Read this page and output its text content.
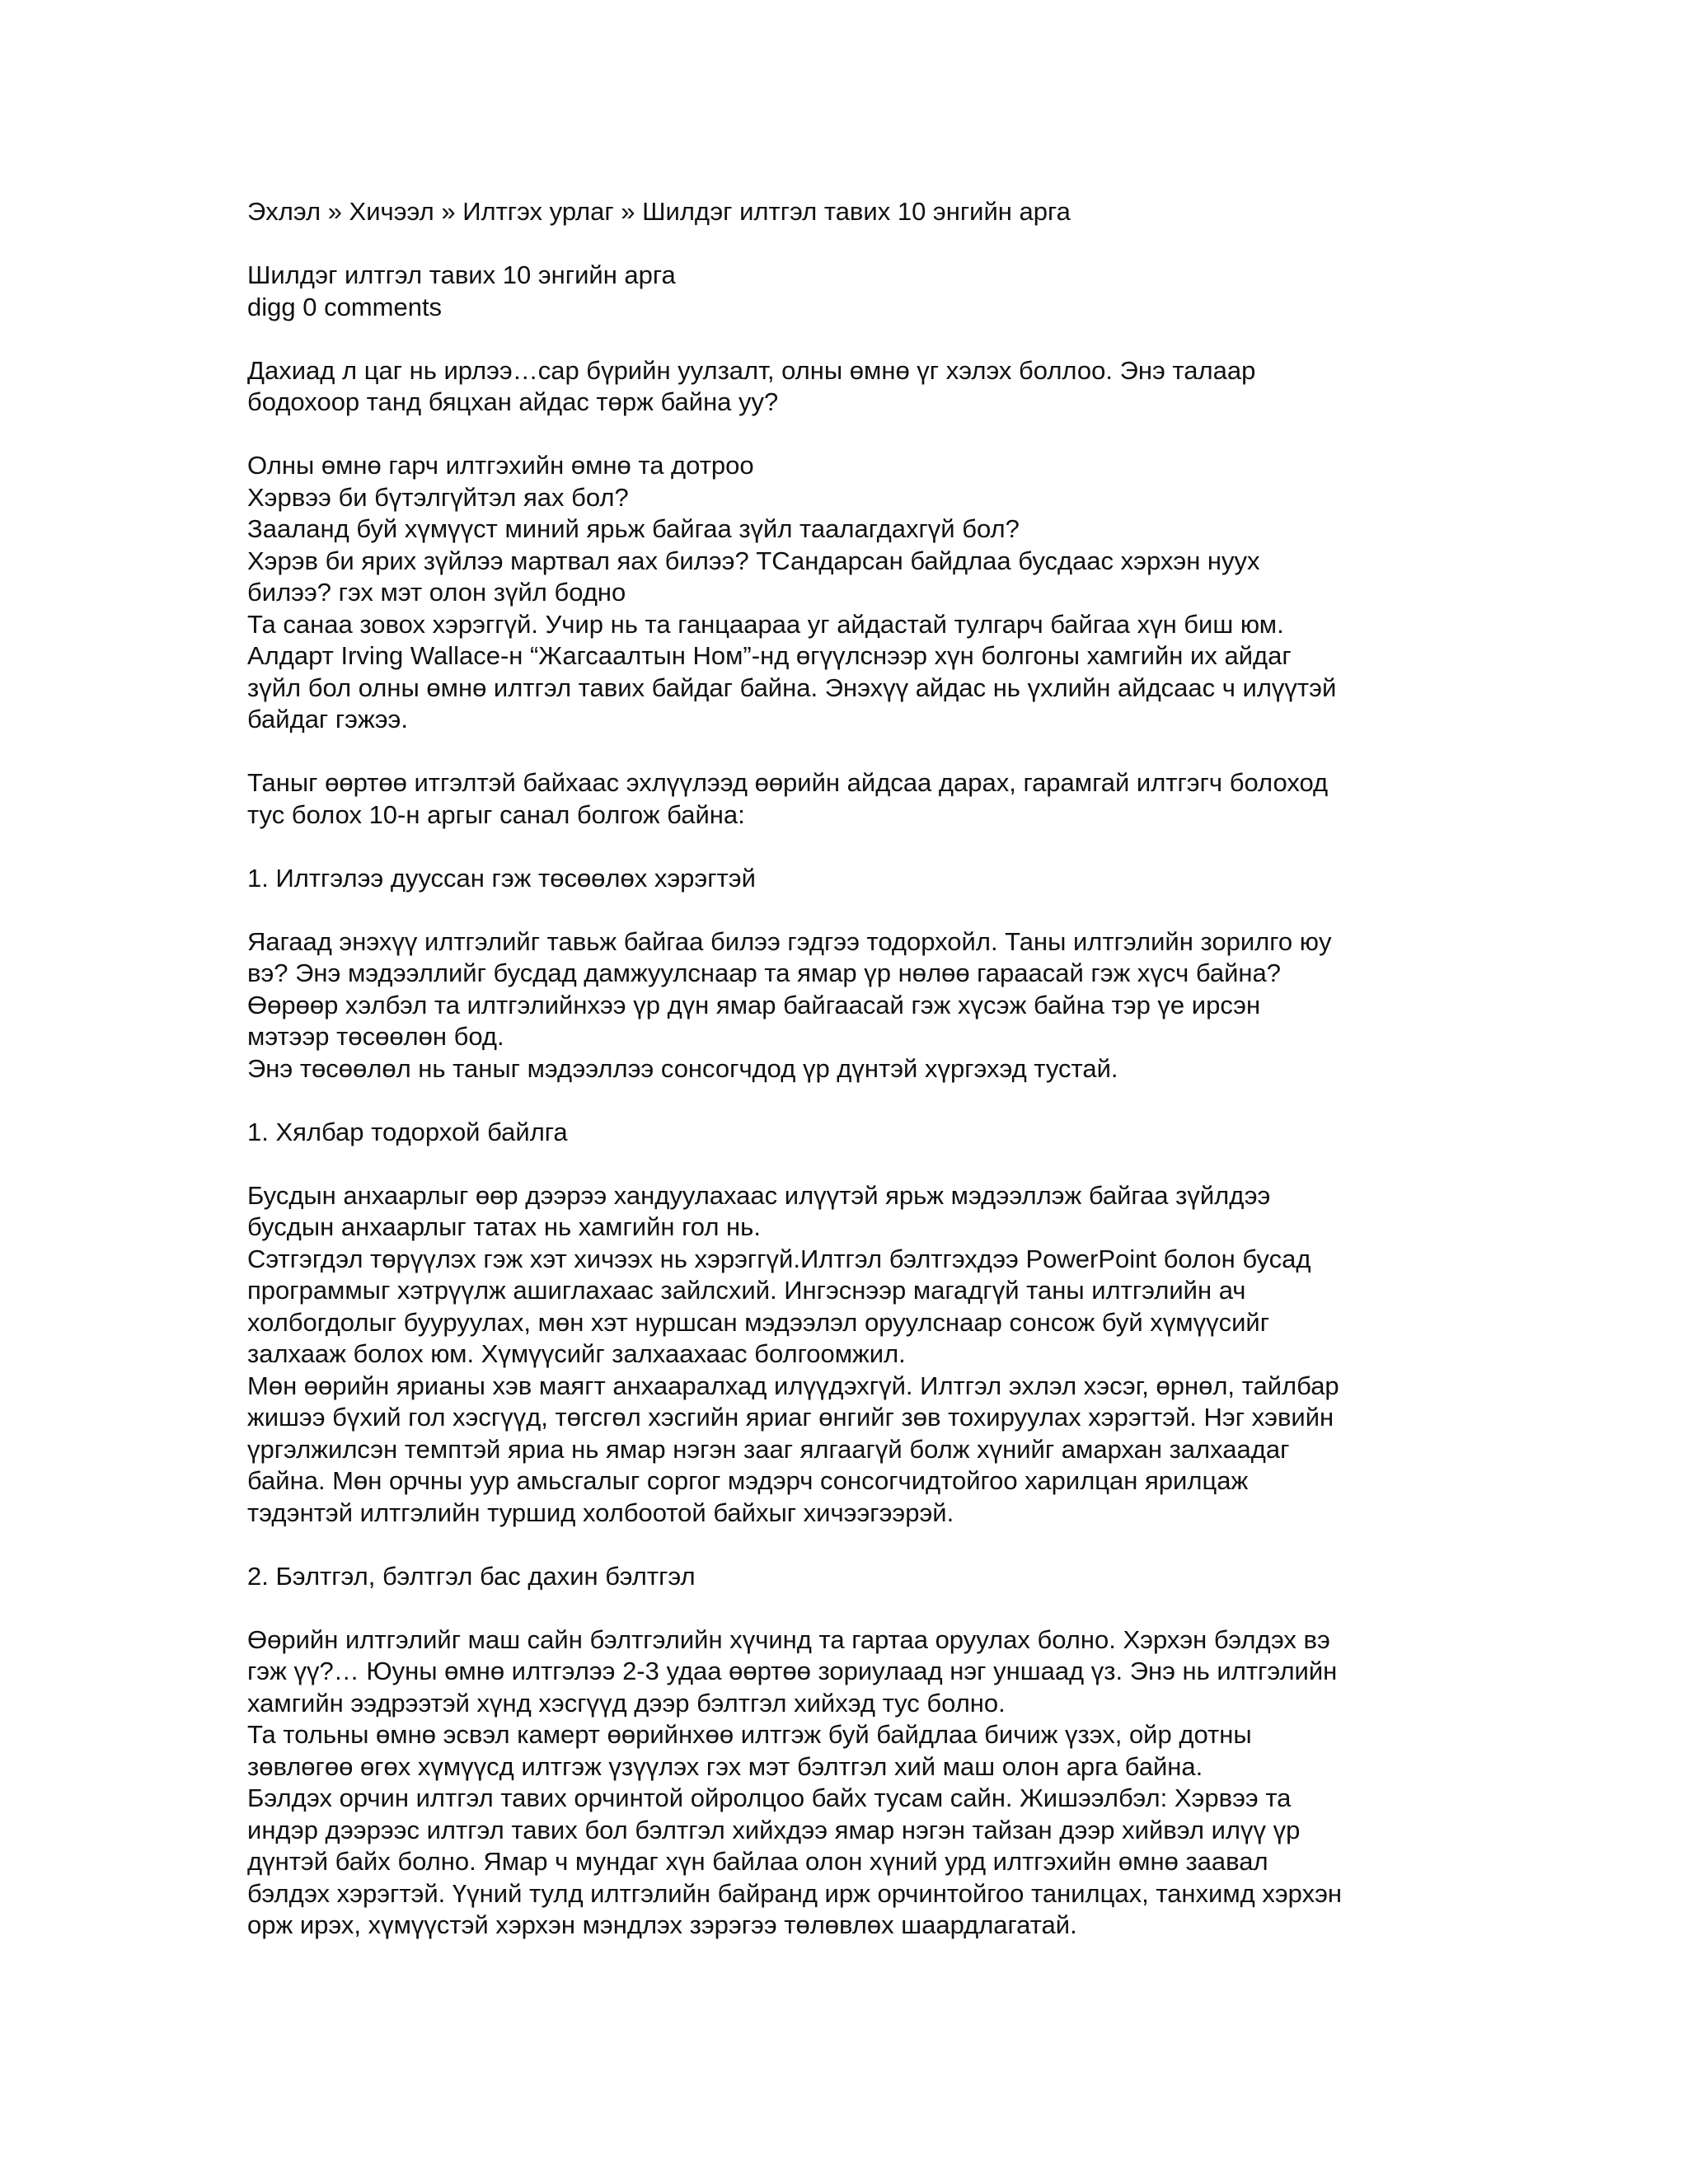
Эхлэл » Хичээл » Илтгэх урлаг » Шилдэг илтгэл тавих 10 энгийн арга
Шилдэг илтгэл тавих 10 энгийн арга
digg 0 comments
Дахиад л цаг нь ирлээ…сар бүрийн уулзалт, олны өмнө үг хэлэх боллоо. Энэ талаар
бодохоор танд бяцхан айдас төрж байна уу?
Олны өмнө гарч илтгэхийн өмнө та дотроо
Хэрвээ би бүтэлгүйтэл яах бол?
Зааланд буй хүмүүст миний ярьж байгаа зүйл таалагдахгүй бол?
Хэрэв би ярих зүйлээ мартвал яах билээ? ТСандарсан байдлаа бусдаас хэрхэн нуух
билээ? гэх мэт олон зүйл бодно
Та санаа зовох хэрэггүй. Учир нь та ганцаараа уг айдастай тулгарч байгаа хүн биш юм.
Алдарт Irving Wallace-н “Жагсаалтын Ном”-нд өгүүлснээр хүн болгоны хамгийн их айдаг
зүйл бол олны өмнө илтгэл тавих байдаг байна. Энэхүү айдас нь үхлийн айдсаас ч илүүтэй
байдаг гэжээ.
Таныг өөртөө итгэлтэй байхаас эхлүүлээд өөрийн айдсаа дарах, гарамгай илтгэгч болоход
тус болох 10-н аргыг санал болгож байна:
1. Илтгэлээ дууссан гэж төсөөлөх хэрэгтэй
Яагаад энэхүү илтгэлийг тавьж байгаа билээ гэдгээ тодорхойл. Таны илтгэлийн зорилго юу
вэ? Энэ мэдээллийг бусдад дамжуулснаар та ямар үр нөлөө гараасай гэж хүсч байна?
Өөрөөр хэлбэл та илтгэлийнхээ үр дүн ямар байгаасай гэж хүсэж байна тэр үе ирсэн
мэтээр төсөөлөн бод.
Энэ төсөөлөл нь таныг мэдээллээ сонсогчдод үр дүнтэй хүргэхэд тустай.
1. Хялбар тодорхой байлга
Бусдын анхаарлыг өөр дээрээ хандуулахаас илүүтэй ярьж мэдээллэж байгаа зүйлдээ
бусдын анхаарлыг татах нь хамгийн гол нь.
Сэтгэгдэл төрүүлэх гэж хэт хичээх нь хэрэггүй.Илтгэл бэлтгэхдээ PowerPoint болон бусад
программыг хэтрүүлж ашиглахаас зайлсхий. Ингэснээр магадгүй таны илтгэлийн ач
холбогдолыг бууруулах, мөн хэт нуршсан мэдээлэл оруулснаар сонсож буй хүмүүсийг
залхааж болох юм. Хүмүүсийг залхаахаас болгоомжил.
Мөн өөрийн ярианы хэв маягт анхааралхад илүүдэхгүй. Илтгэл эхлэл хэсэг, өрнөл, тайлбар
жишээ бүхий гол хэсгүүд, төгсгөл хэсгийн яриаг өнгийг зөв тохируулах хэрэгтэй. Нэг хэвийн
үргэлжилсэн темптэй яриа нь ямар нэгэн зааг ялгаагүй болж хүнийг амархан залхаадаг
байна. Мөн орчны уур амьсгалыг соргог мэдэрч сонсогчидтойгоо харилцан ярилцаж
тэдэнтэй илтгэлийн туршид холбоотой байхыг хичээгээрэй.
2. Бэлтгэл, бэлтгэл бас дахин бэлтгэл
Өөрийн илтгэлийг маш сайн бэлтгэлийн хүчинд та гартаа оруулах болно. Хэрхэн бэлдэх вэ
гэж үү?… Юуны өмнө илтгэлээ 2-3 удаа өөртөө зориулаад нэг уншаад үз. Энэ нь илтгэлийн
хамгийн ээдрээтэй хүнд хэсгүүд дээр бэлтгэл хийхэд тус болно.
Та тольны өмнө эсвэл камерт өөрийнхөө илтгэж буй байдлаа бичиж үзэх, ойр дотны
зөвлөгөө өгөх хүмүүсд илтгэж үзүүлэх гэх мэт бэлтгэл хий маш олон арга байна.
Бэлдэх орчин илтгэл тавих орчинтой ойролцоо байх тусам сайн. Жишээлбэл: Хэрвээ та
индэр дээрээс илтгэл тавих бол бэлтгэл хийхдээ ямар нэгэн тайзан дээр хийвэл илүү үр
дүнтэй байх болно. Ямар ч мундаг хүн байлаа олон хүний урд илтгэхийн өмнө заавал
бэлдэх хэрэгтэй. Үүний тулд илтгэлийн байранд ирж орчинтойгоо танилцах, танхимд хэрхэн
орж ирэх, хүмүүстэй хэрхэн мэндлэх зэрэгээ төлөвлөх шаардлагатай.
